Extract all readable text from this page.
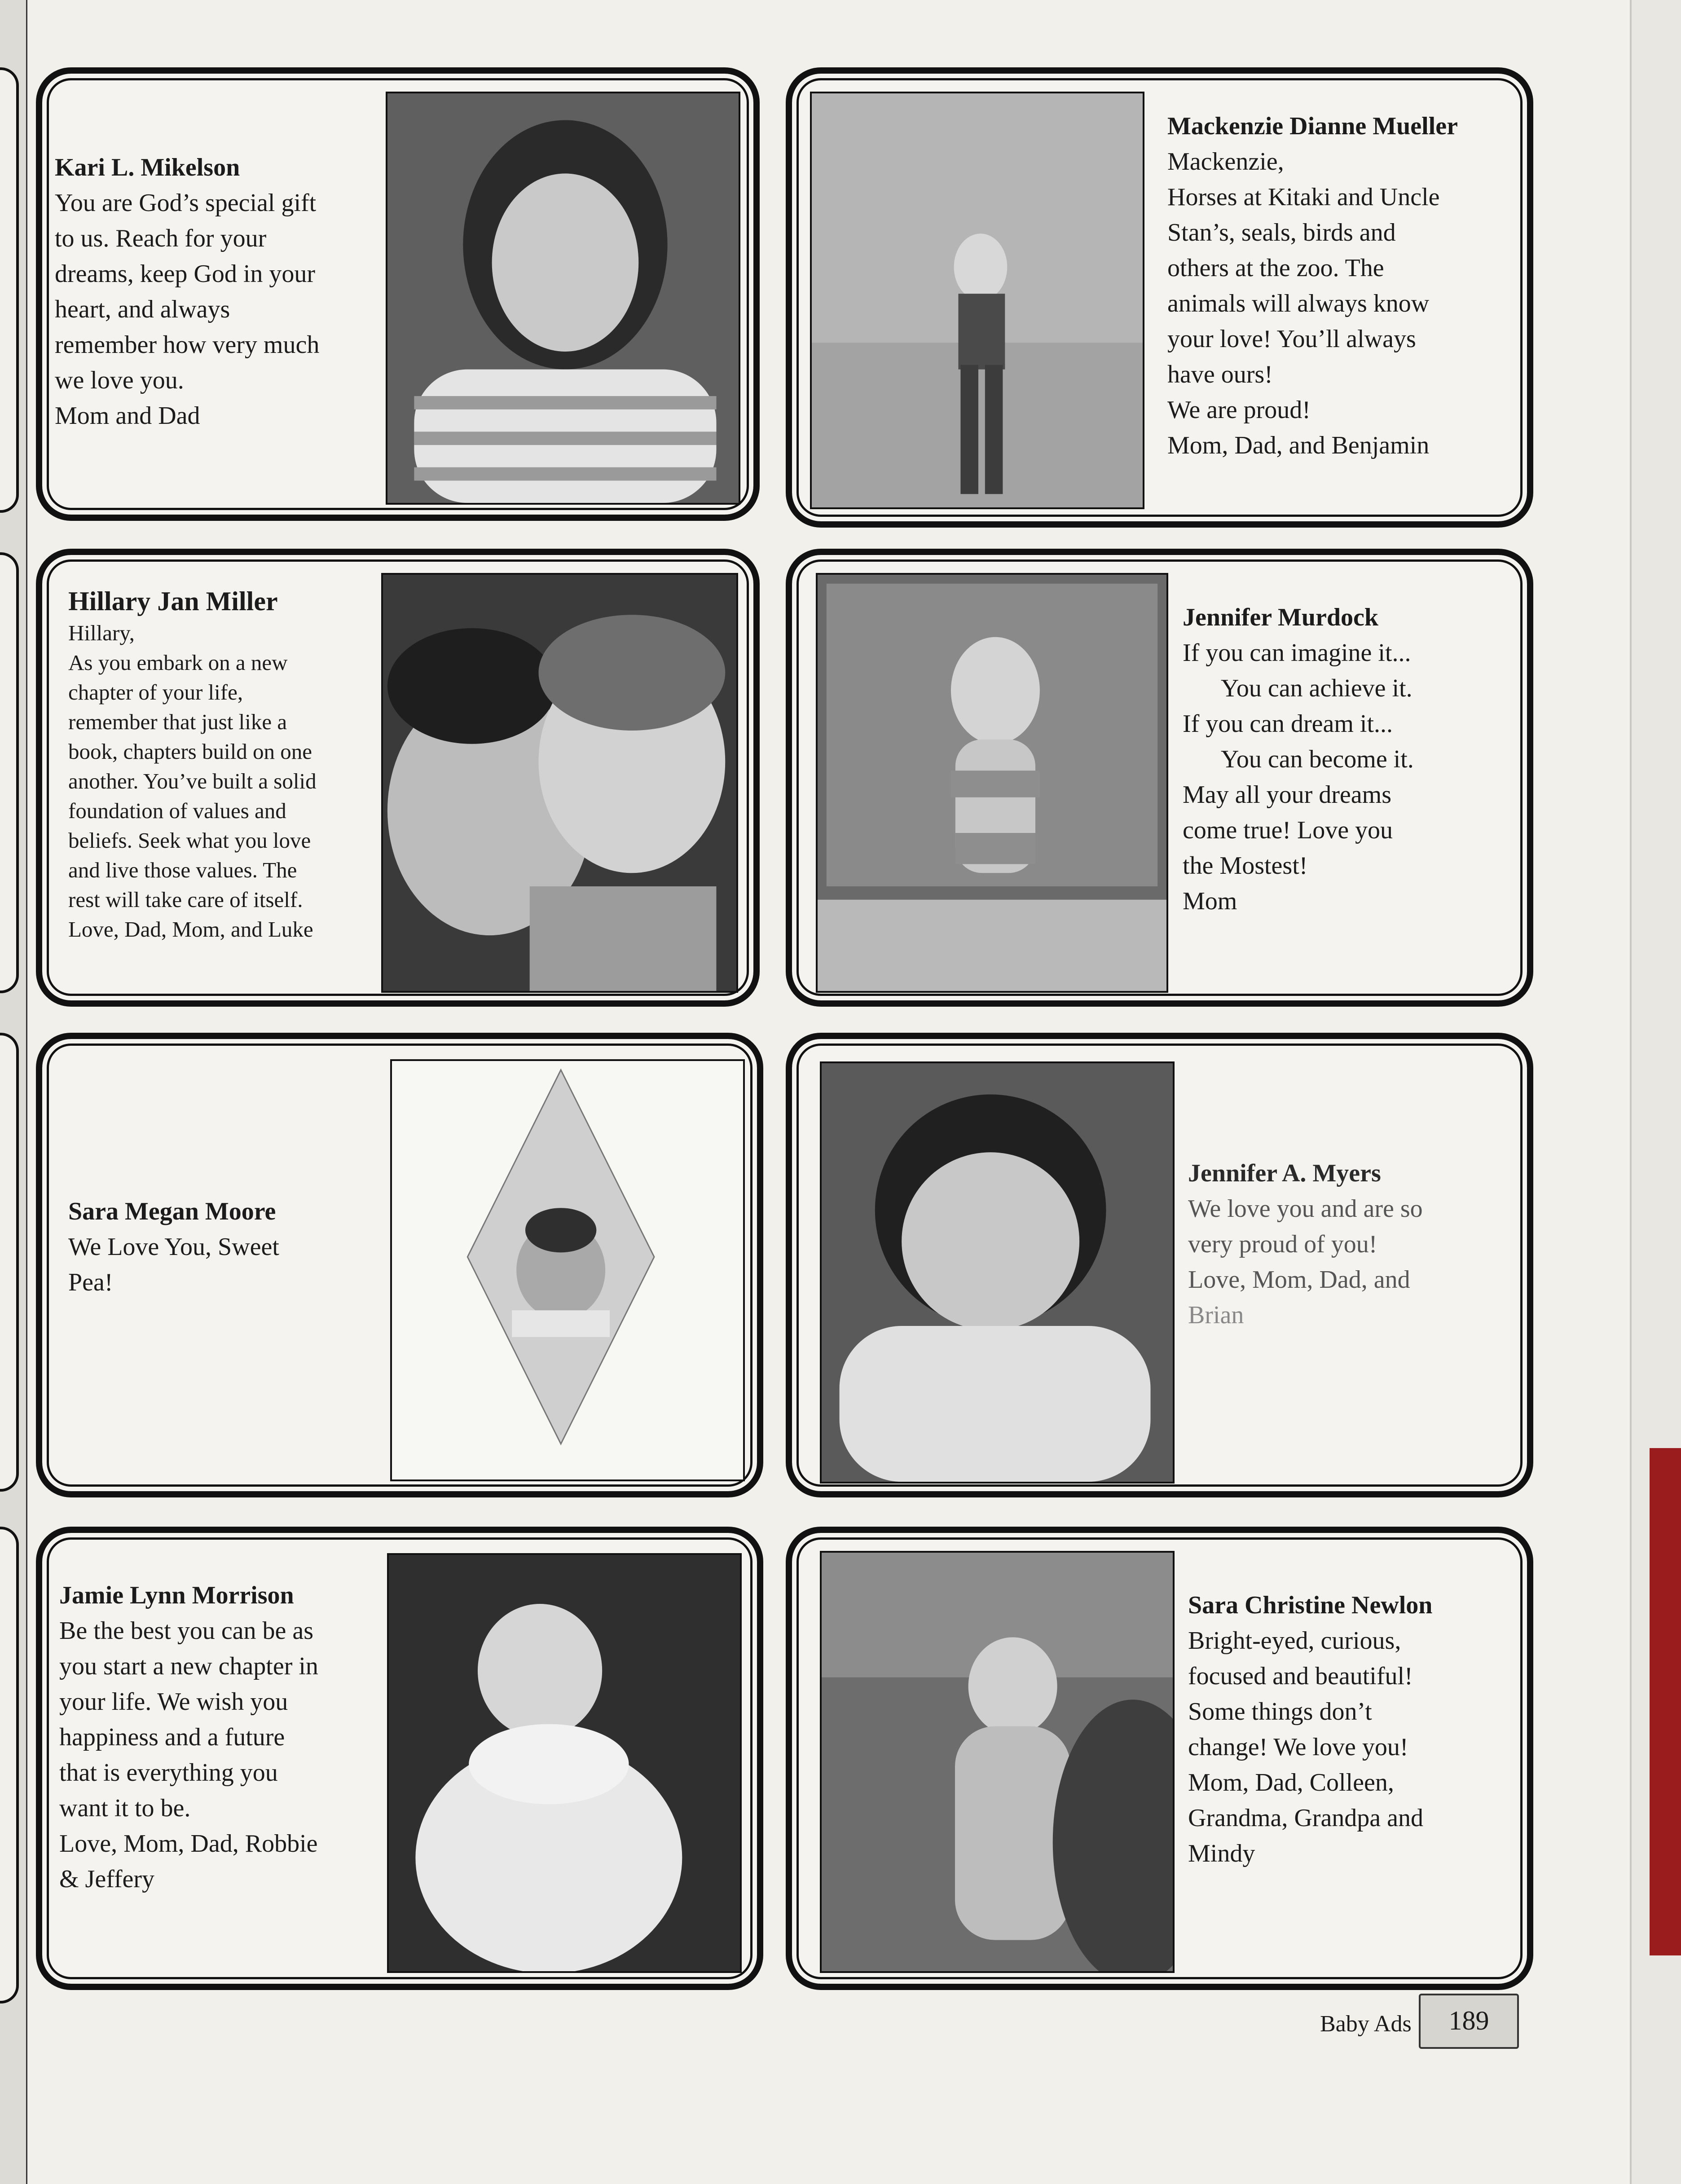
Kari L. Mikelson
You are God’s special gift
to us. Reach for your
dreams, keep God in your
heart, and always
remember how very much
we love you.
Mom and Dad
Mackenzie Dianne Mueller
Mackenzie,
Horses at Kitaki and Uncle
Stan’s, seals, birds and
others at the zoo. The
animals will always know
your love! You’ll always
have ours!
We are proud!
Mom, Dad, and Benjamin
Hillary Jan Miller
Hillary,
As you embark on a new
chapter of your life,
remember that just like a
book, chapters build on one
another. You’ve built a solid
foundation of values and
beliefs. Seek what you love
and live those values. The
rest will take care of itself.
Love, Dad, Mom, and Luke
Jennifer Murdock
If you can imagine it...
You can achieve it.
If you can dream it...
You can become it.
May all your dreams
come true! Love you
the Mostest!
Mom
Sara Megan Moore
We Love You, Sweet
Pea!
Jennifer A. Myers
We love you and are so
very proud of you!
Love, Mom, Dad, and
Brian
Jamie Lynn Morrison
Be the best you can be as
you start a new chapter in
your life. We wish you
happiness and a future
that is everything you
want it to be.
Love, Mom, Dad, Robbie
& Jeffery
Sara Christine Newlon
Bright-eyed, curious,
focused and beautiful!
Some things don’t
change! We love you!
Mom, Dad, Colleen,
Grandma, Grandpa and
Mindy
Baby Ads	189
